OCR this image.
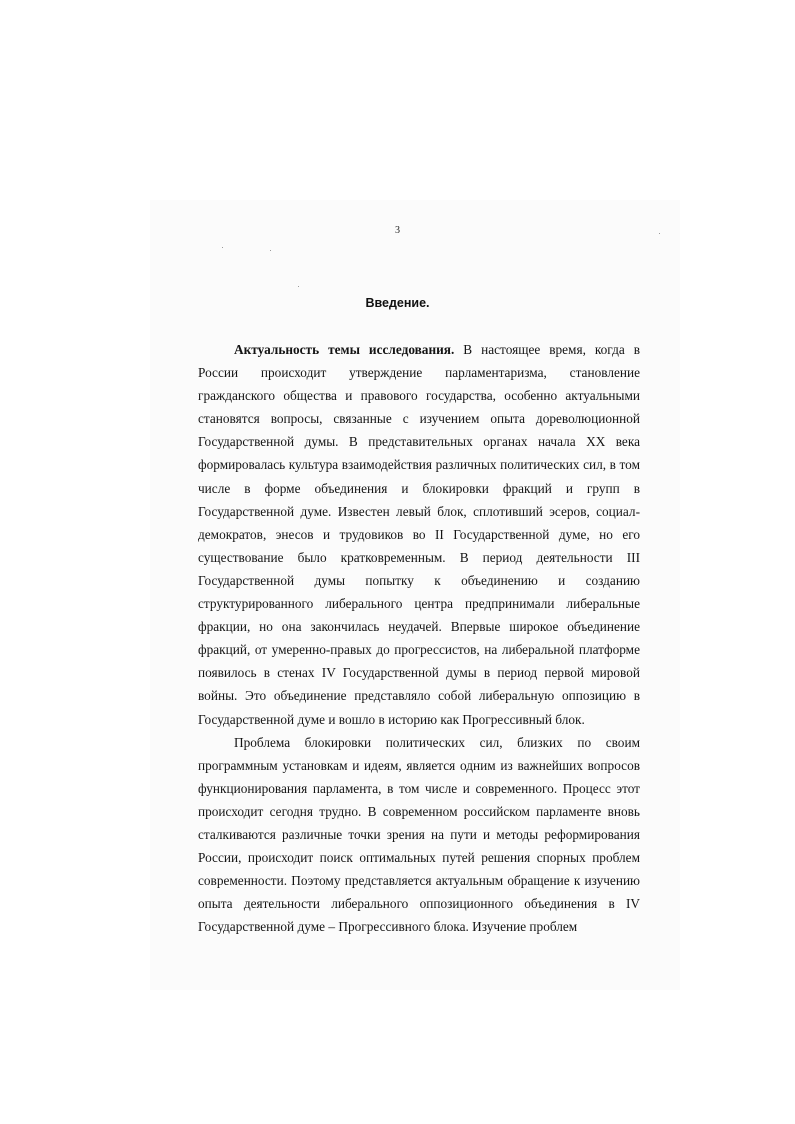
3
Введение.

Актуальность темы исследования. В настоящее время, когда в России происходит утверждение парламентаризма, становление гражданского общества и правового государства, особенно актуальными становятся вопросы, связанные с изучением опыта дореволюционной Государственной думы. В представительных органах начала XX века формировалась культура взаимодействия различных политических сил, в том числе в форме объединения и блокировки фракций и групп в Государственной думе. Известен левый блок, сплотивший эсеров, социал-демократов, энесов и трудовиков во II Государственной думе, но его существование было кратковременным. В период деятельности III Государственной думы попытку к объединению и созданию структурированного либерального центра предпринимали либеральные фракции, но она закончилась неудачей. Впервые широкое объединение фракций, от умеренно-правых до прогрессистов, на либеральной платформе появилось в стенах IV Государственной думы в период первой мировой войны. Это объединение представляло собой либеральную оппозицию в Государственной думе и вошло в историю как Прогрессивный блок.

Проблема блокировки политических сил, близких по своим программным установкам и идеям, является одним из важнейших вопросов функционирования парламента, в том числе и современного. Процесс этот происходит сегодня трудно. В современном российском парламенте вновь сталкиваются различные точки зрения на пути и методы реформирования России, происходит поиск оптимальных путей решения спорных проблем современности. Поэтому представляется актуальным обращение к изучению опыта деятельности либерального оппозиционного объединения в IV Государственной думе – Прогрессивного блока. Изучение проблем
